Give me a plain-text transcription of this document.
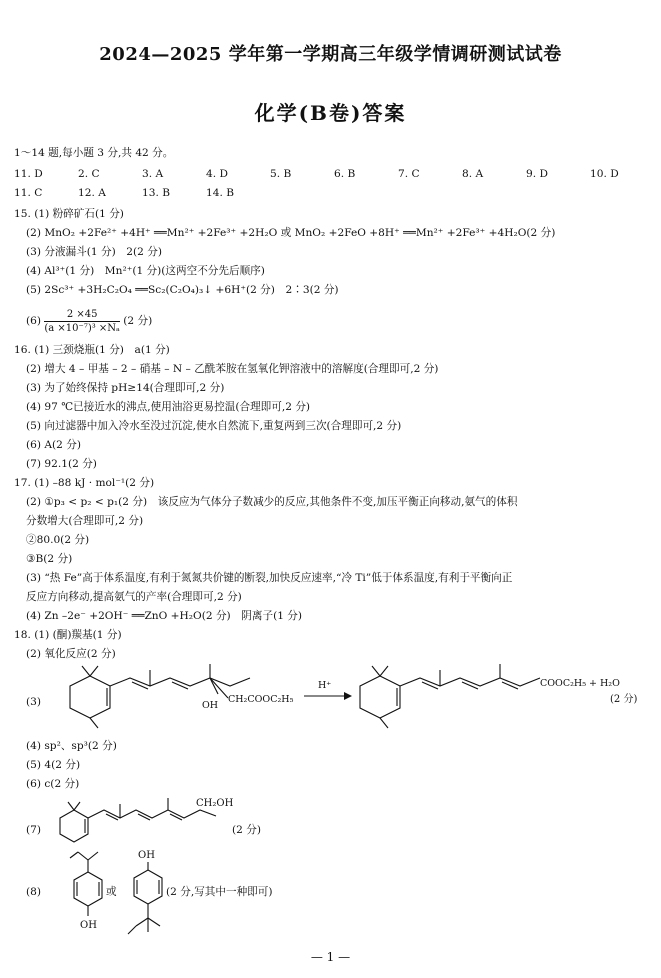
2024—2025 学年第一学期高三年级学情调研测试试卷
化学(B卷)答案
1～14 题,每小题 3 分,共 42 分。
11. D	2. C	3. A	4. D	5. B	6. B	7. C	8. A	9. D	10. D
11. C	12. A	13. B	14. B
15. (1) 粉碎矿石(1 分)
(2) MnO₂ +2Fe²⁺ +4H⁺ ══Mn²⁺ +2Fe³⁺ +2H₂O 或 MnO₂ +2FeO +8H⁺ ══Mn²⁺ +2Fe³⁺ +4H₂O(2 分)
(3) 分液漏斗(1 分)　2(2 分)
(4) Al³⁺(1 分)　Mn²⁺(1 分)(这两空不分先后顺序)
(5) 2Sc³⁺ +3H₂C₂O₄ ══Sc₂(C₂O₄)₃↓ +6H⁺(2 分)　2∶3(2 分)
$(6) \frac{2 \times 45}{\text{(a ×10⁻⁷)³ ×Nₐ}} (2$ 分)
16. (1) 三颈烧瓶(1 分)　a(1 分)
(2) 增大 4 – 甲基 – 2 – 硝基 – N – 乙酰苯胺在氢氧化钾溶液中的溶解度(合理即可,2 分)
(3) 为了始终保持 pH≥14(合理即可,2 分)
(4) 97 ℃已接近水的沸点,使用油浴更易控温(合理即可,2 分)
(5) 向过滤器中加入冷水至没过沉淀,使水自然流下,重复两到三次(合理即可,2 分)
(6) A(2 分)
(7) 92.1(2 分)
17. (1) –88 kJ · mol⁻¹(2 分)
(2) ①p₃ < p₂ < p₁(2 分)　该反应为气体分子数减少的反应,其他条件不变,加压平衡正向移动,氨气的体积
分数增大(合理即可,2 分)
②80.0(2 分)
③B(2 分)
(3) “热 Fe”高于体系温度,有利于氮氮共价键的断裂,加快反应速率,“冷 Ti”低于体系温度,有利于平衡向正
反应方向移动,提高氨气的产率(合理即可,2 分)
(4) Zn –2e⁻ +2OH⁻ ══ZnO +H₂O(2 分)　阴离子(1 分)
18. (1) (酮)羰基(1 分)
(2) 氧化反应(2 分)
(3)	OH
CH₂COOC₂H₅
H⁺	COOC₂H₅ + H₂O
(2 分)
(4) sp²、sp³(2 分)
(5) 4(2 分)
(6) c(2 分)
(7)
CH₂OH
(2 分)
(8)
OH
或
OH
(2 分,写其中一种即可)
— 1 —
